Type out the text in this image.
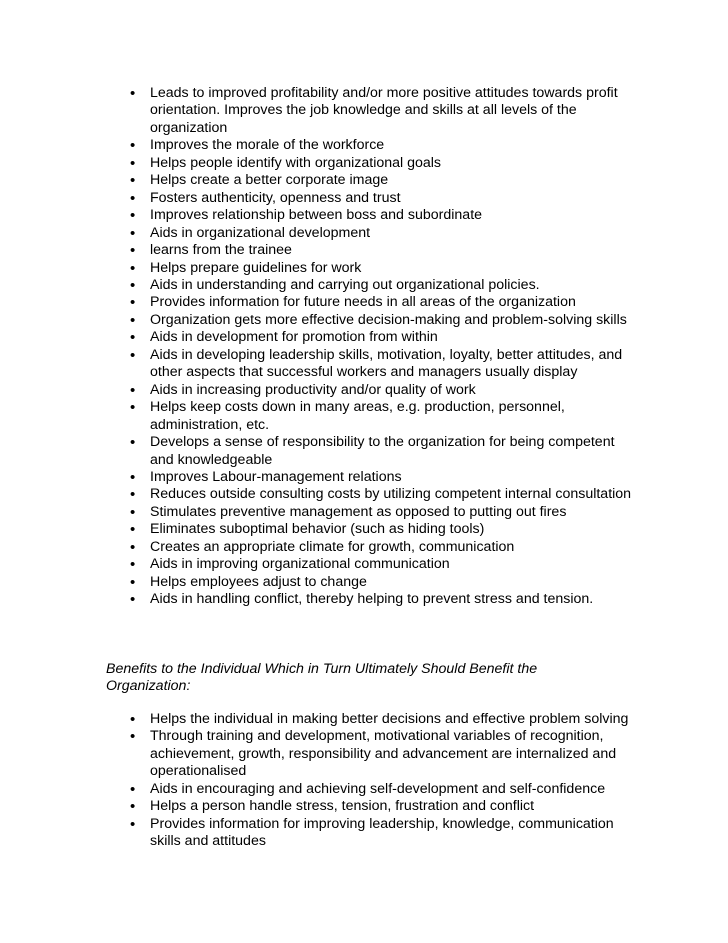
•
Leads to improved profitability and/or more positive attitudes towards profit orientation. Improves the job knowledge and skills at all levels of the organization
•
Improves the morale of the workforce
•
Helps people identify with organizational goals
•
Helps create a better corporate image
•
Fosters authenticity, openness and trust
•
Improves relationship between boss and subordinate
•
Aids in organizational development
•
learns from the trainee
•
Helps prepare guidelines for work
•
Aids in understanding and carrying out organizational policies.
•
Provides information for future needs in all areas of the organization
•
Organization gets more effective decision-making and problem-solving skills
•
Aids in development for promotion from within
•
Aids in developing leadership skills, motivation, loyalty, better attitudes, and other aspects that successful workers and managers usually display
•
Aids in increasing productivity and/or quality of work
•
Helps keep costs down in many areas, e.g. production, personnel, administration, etc.
•
Develops a sense of responsibility to the organization for being competent and knowledgeable
•
Improves Labour-management relations
•
Reduces outside consulting costs by utilizing competent internal consultation
•
Stimulates preventive management as opposed to putting out fires
•
Eliminates suboptimal behavior (such as hiding tools)
•
Creates an appropriate climate for growth, communication
•
Aids in improving organizational communication
•
Helps employees adjust to change
•
Aids in handling conflict, thereby helping to prevent stress and tension.

Benefits to the Individual Which in Turn Ultimately Should Benefit the Organization:

•
Helps the individual in making better decisions and effective problem solving
•
Through training and development, motivational variables of recognition, achievement, growth, responsibility and advancement are internalized and operationalised
•
Aids in encouraging and achieving self-development and self-confidence
•
Helps a person handle stress, tension, frustration and conflict
•
Provides information for improving leadership, knowledge, communication skills and attitudes
